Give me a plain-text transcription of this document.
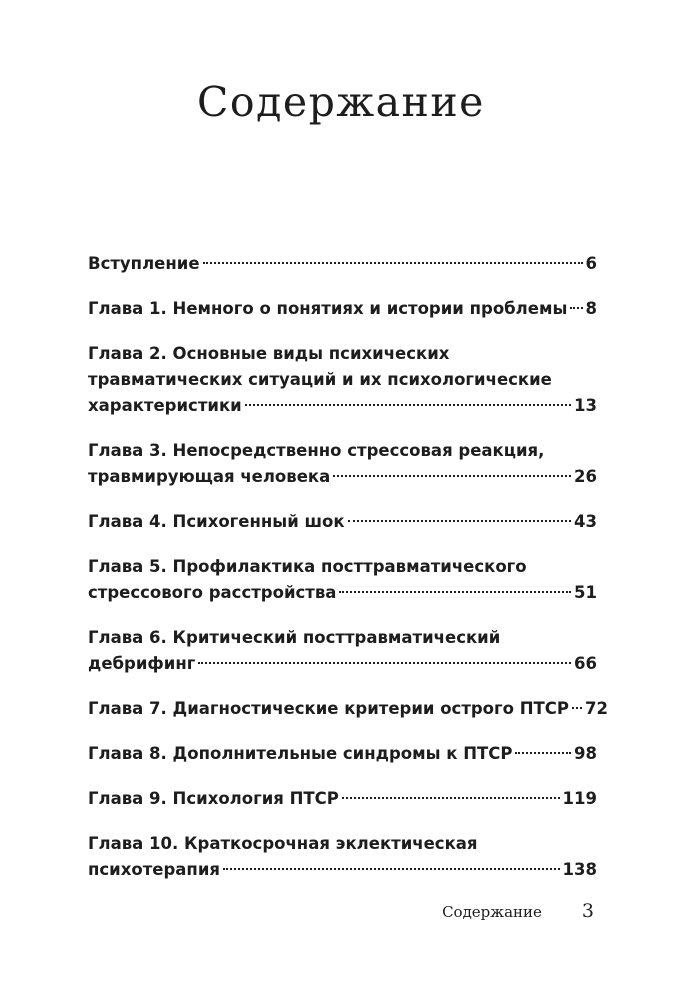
Содержание
Вступление	6
Глава 1. Немного о понятиях и истории проблемы 8
Глава 2. Основные виды психических
травматических ситуаций и их психологические
характеристики	13
Глава 3. Непосредственно стрессовая реакция,
травмирующая человека	26
Глава 4. Психогенный шок	43
Глава 5. Профилактика посттравматического
стрессового расстройства	51
Глава 6. Критический посттравматический
дебрифинг	66
Глава 7. Диагностические критерии острого ПТСР 72
Глава 8. Дополнительные синдромы к ПТСР	98
Глава 9. Психология ПТСР	119
Глава 10. Краткосрочная эклектическая
психотерапия	138
Содержание 3
